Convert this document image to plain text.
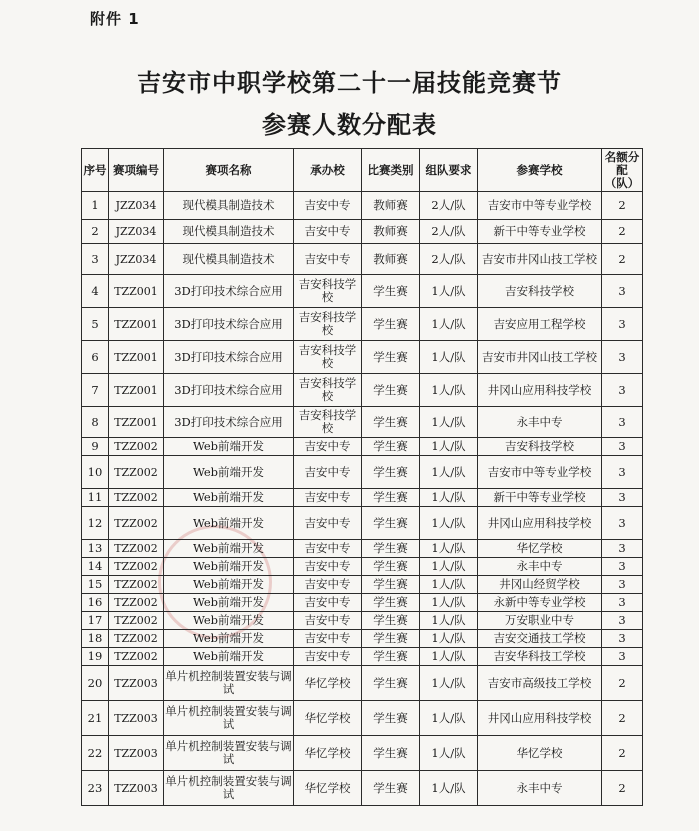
附件 1
吉安市中职学校第二十一届技能竞赛节
参赛人数分配表
序号	赛项编号	赛项名称	承办校	比赛类别	组队要求	参赛学校	名额分配（队）
1	JZZ034	现代模具制造技术	吉安中专	教师赛	2人/队	吉安市中等专业学校	2
2	JZZ034	现代模具制造技术	吉安中专	教师赛	2人/队	新干中等专业学校	2
3	JZZ034	现代模具制造技术	吉安中专	教师赛	2人/队	吉安市井冈山技工学校	2
4	TZZ001	3D打印技术综合应用	吉安科技学校	学生赛	1人/队	吉安科技学校	3
5	TZZ001	3D打印技术综合应用	吉安科技学校	学生赛	1人/队	吉安应用工程学校	3
6	TZZ001	3D打印技术综合应用	吉安科技学校	学生赛	1人/队	吉安市井冈山技工学校	3
7	TZZ001	3D打印技术综合应用	吉安科技学校	学生赛	1人/队	井冈山应用科技学校	3
8	TZZ001	3D打印技术综合应用	吉安科技学校	学生赛	1人/队	永丰中专	3
9	TZZ002	Web前端开发	吉安中专	学生赛	1人/队	吉安科技学校	3
10	TZZ002	Web前端开发	吉安中专	学生赛	1人/队	吉安市中等专业学校	3
11	TZZ002	Web前端开发	吉安中专	学生赛	1人/队	新干中等专业学校	3
12	TZZ002	Web前端开发	吉安中专	学生赛	1人/队	井冈山应用科技学校	3
13	TZZ002	Web前端开发	吉安中专	学生赛	1人/队	华忆学校	3
14	TZZ002	Web前端开发	吉安中专	学生赛	1人/队	永丰中专	3
15	TZZ002	Web前端开发	吉安中专	学生赛	1人/队	井冈山经贸学校	3
16	TZZ002	Web前端开发	吉安中专	学生赛	1人/队	永新中等专业学校	3
17	TZZ002	Web前端开发	吉安中专	学生赛	1人/队	万安职业中专	3
18	TZZ002	Web前端开发	吉安中专	学生赛	1人/队	吉安交通技工学校	3
19	TZZ002	Web前端开发	吉安中专	学生赛	1人/队	吉安华科技工学校	3
20	TZZ003	单片机控制装置安装与调试	华忆学校	学生赛	1人/队	吉安市高级技工学校	2
21	TZZ003	单片机控制装置安装与调试	华忆学校	学生赛	1人/队	井冈山应用科技学校	2
22	TZZ003	单片机控制装置安装与调试	华忆学校	学生赛	1人/队	华忆学校	2
23	TZZ003	单片机控制装置安装与调试	华忆学校	学生赛	1人/队	永丰中专	2
